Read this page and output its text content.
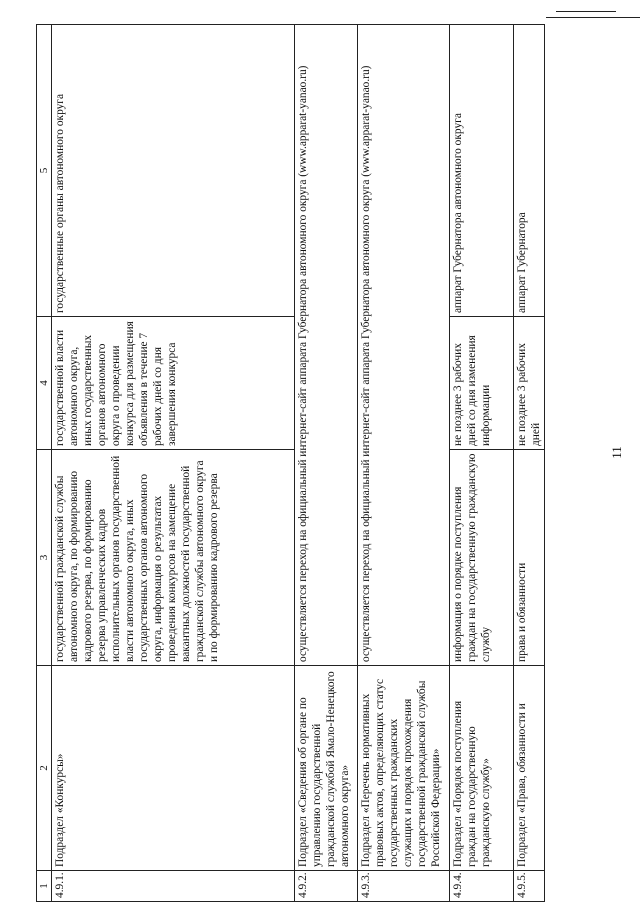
11
1	2	3	4	5
4.9.1.	Подраздел «Конкурсы»	государственной гражданской службы автономного округа, по формированию кадрового резерва, по формированию резерва управленческих кадров исполнительных органов государственной власти автономного округа, иных государственных органов автономного округа, информация о результатах проведения конкурсов на замещение вакантных должностей государственной гражданской службы автономного округа и по формированию кадрового резерва	государственной власти автономного округа, иных государственных органов автономного округа о проведении конкурса для размещения объявления в течение 7 рабочих дней со дня завершения конкурса	государственные органы автономного округа
4.9.2.	Подраздел «Сведения об органе по управлению государственной гражданской службой Ямало-Ненецкого автономного округа»	осуществляется переход на официальный интернет-сайт аппарата Губернатора автономного округа (www.apparat-yanao.ru)		
4.9.3.	Подраздел «Перечень нормативных правовых актов, определяющих статус государственных гражданских служащих и порядок прохождения государственной гражданской службы Российской Федерации»	осуществляется переход на официальный интернет-сайт аппарата Губернатора автономного округа (www.apparat-yanao.ru)		
4.9.4.	Подраздел «Порядок поступления граждан на государственную гражданскую службу»	информация о порядке поступления граждан на государственную гражданскую службу	не позднее 3 рабочих дней со дня изменения информации	аппарат Губернатора автономного округа
4.9.5.	Подраздел «Права, обязанности и	права и обязанности	не позднее 3 рабочих дней	аппарат Губернатора
